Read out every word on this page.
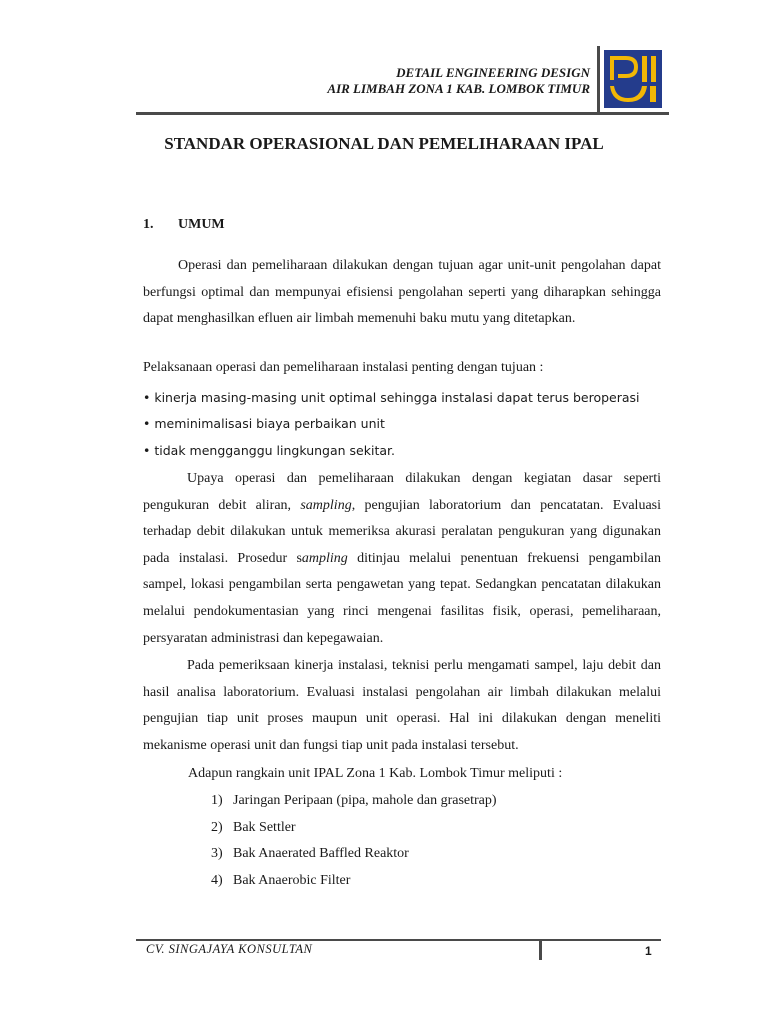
DETAIL ENGINEERING DESIGN
AIR LIMBAH ZONA 1 KAB. LOMBOK TIMUR
STANDAR OPERASIONAL DAN PEMELIHARAAN IPAL
1. UMUM
Operasi dan pemeliharaan dilakukan dengan tujuan agar unit-unit pengolahan dapat berfungsi optimal dan mempunyai efisiensi pengolahan seperti yang diharapkan sehingga dapat menghasilkan efluen air limbah memenuhi baku mutu yang ditetapkan.
Pelaksanaan operasi dan pemeliharaan instalasi penting dengan tujuan :
• kinerja masing-masing unit optimal sehingga instalasi dapat terus beroperasi
• meminimalisasi biaya perbaikan unit
• tidak mengganggu lingkungan sekitar.
Upaya operasi dan pemeliharaan dilakukan dengan kegiatan dasar seperti pengukuran debit aliran, sampling, pengujian laboratorium dan pencatatan. Evaluasi terhadap debit dilakukan untuk memeriksa akurasi peralatan pengukuran yang digunakan pada instalasi. Prosedur sampling ditinjau melalui penentuan frekuensi pengambilan sampel, lokasi pengambilan serta pengawetan yang tepat. Sedangkan pencatatan dilakukan melalui pendokumentasian yang rinci mengenai fasilitas fisik, operasi, pemeliharaan, persyaratan administrasi dan kepegawaian.
Pada pemeriksaan kinerja instalasi, teknisi perlu mengamati sampel, laju debit dan hasil analisa laboratorium. Evaluasi instalasi pengolahan air limbah dilakukan melalui pengujian tiap unit proses maupun unit operasi. Hal ini dilakukan dengan meneliti mekanisme operasi unit dan fungsi tiap unit pada instalasi tersebut.
Adapun rangkain unit IPAL Zona 1 Kab. Lombok Timur meliputi :
1) Jaringan Peripaan (pipa, mahole dan grasetrap)
2) Bak Settler
3) Bak Anaerated Baffled Reaktor
4) Bak Anaerobic Filter
CV. SINGAJAYA KONSULTAN	1
